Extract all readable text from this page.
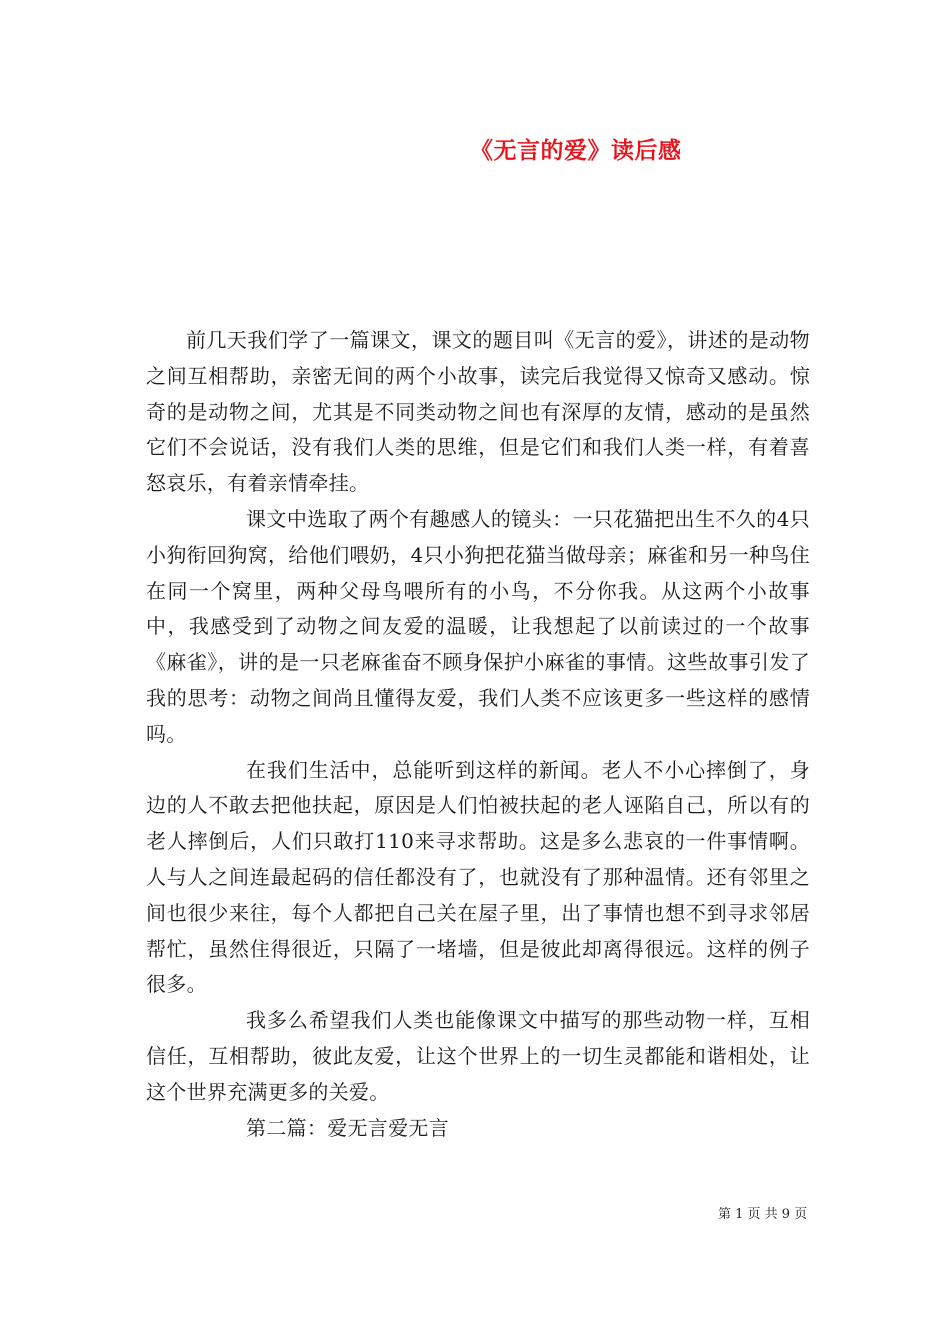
《无言的爱》读后感

前几天我们学了一篇课文，课文的题目叫《无言的爱》，讲述的是动物之间互相帮助，亲密无间的两个小故事，读完后我觉得又惊奇又感动。惊奇的是动物之间，尤其是不同类动物之间也有深厚的友情，感动的是虽然它们不会说话，没有我们人类的思维，但是它们和我们人类一样，有着喜怒哀乐，有着亲情牵挂。

课文中选取了两个有趣感人的镜头：一只花猫把出生不久的4只小狗衔回狗窝，给他们喂奶，4只小狗把花猫当做母亲；麻雀和另一种鸟住在同一个窝里，两种父母鸟喂所有的小鸟，不分你我。从这两个小故事中，我感受到了动物之间友爱的温暖，让我想起了以前读过的一个故事《麻雀》，讲的是一只老麻雀奋不顾身保护小麻雀的事情。这些故事引发了我的思考：动物之间尚且懂得友爱，我们人类不应该更多一些这样的感情吗。

在我们生活中，总能听到这样的新闻。老人不小心摔倒了，身边的人不敢去把他扶起，原因是人们怕被扶起的老人诬陷自己，所以有的老人摔倒后，人们只敢打110来寻求帮助。这是多么悲哀的一件事情啊。人与人之间连最起码的信任都没有了，也就没有了那种温情。还有邻里之间也很少来往，每个人都把自己关在屋子里，出了事情也想不到寻求邻居帮忙，虽然住得很近，只隔了一堵墙，但是彼此却离得很远。这样的例子很多。

我多么希望我们人类也能像课文中描写的那些动物一样，互相信任，互相帮助，彼此友爱，让这个世界上的一切生灵都能和谐相处，让这个世界充满更多的关爱。

第二篇：爱无言爱无言

第 1 页 共 9 页
